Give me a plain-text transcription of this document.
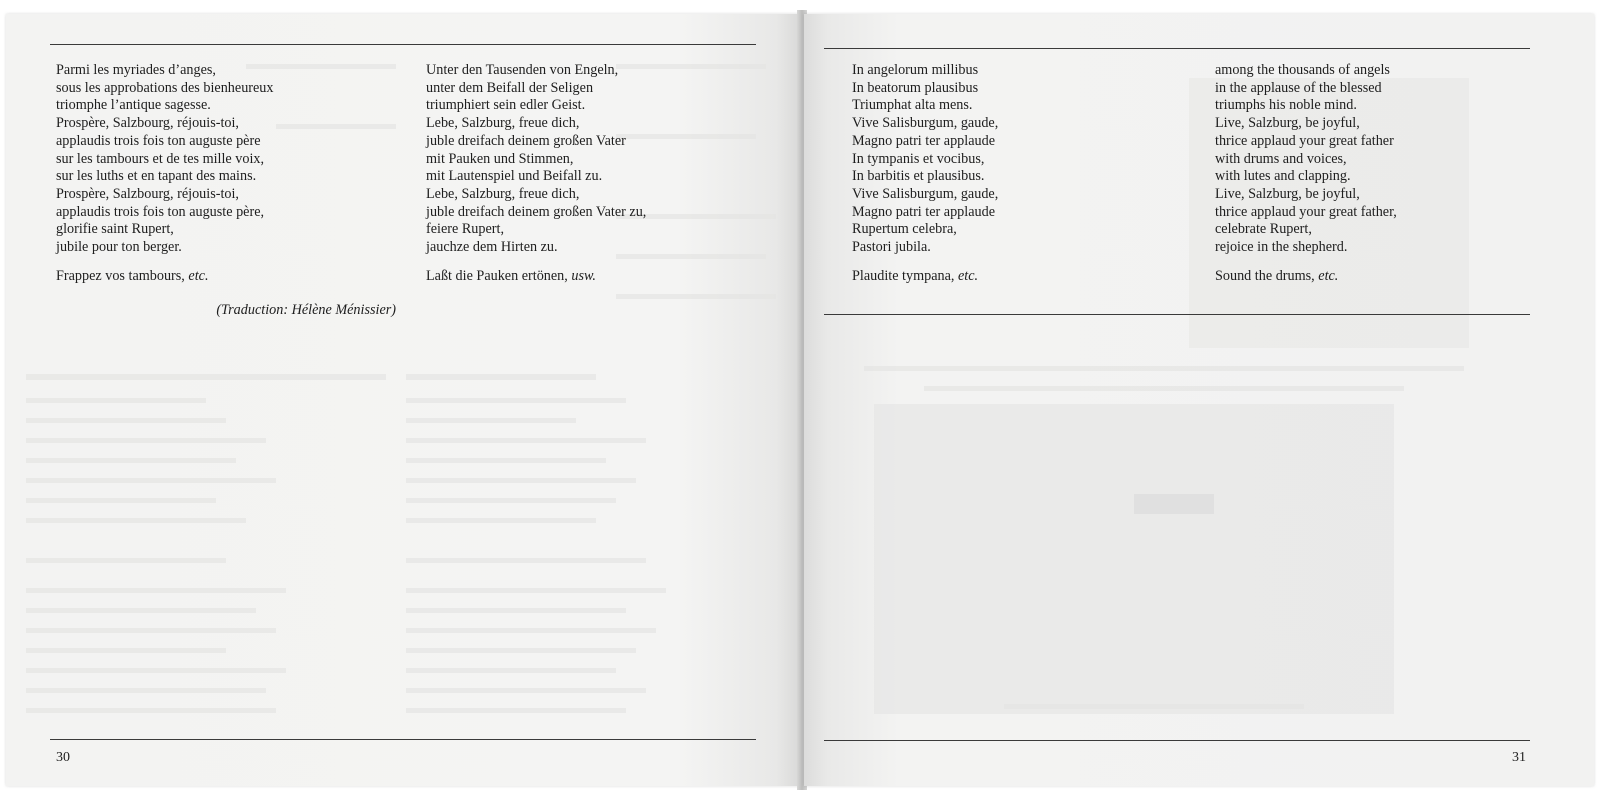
Parmi les myriades d’anges,
sous les approbations des bienheureux
triomphe l’antique sagesse.
Prospère, Salzbourg, réjouis-toi,
applaudis trois fois ton auguste père
sur les tambours et de tes mille voix,
sur les luths et en tapant des mains.
Prospère, Salzbourg, réjouis-toi,
applaudis trois fois ton auguste père,
glorifie saint Rupert,
jubile pour ton berger.
Frappez vos tambours, etc.
(Traduction: Hélène Ménissier)
Unter den Tausenden von Engeln,
unter dem Beifall der Seligen
triumphiert sein edler Geist.
Lebe, Salzburg, freue dich,
juble dreifach deinem großen Vater
mit Pauken und Stimmen,
mit Lautenspiel und Beifall zu.
Lebe, Salzburg, freue dich,
juble dreifach deinem großen Vater zu,
feiere Rupert,
jauchze dem Hirten zu.
Laßt die Pauken ertönen, usw.
30
In angelorum millibus
In beatorum plausibus
Triumphat alta mens.
Vive Salisburgum, gaude,
Magno patri ter applaude
In tympanis et vocibus,
In barbitis et plausibus.
Vive Salisburgum, gaude,
Magno patri ter applaude
Rupertum celebra,
Pastori jubila.
Plaudite tympana, etc.
among the thousands of angels
in the applause of the blessed
triumphs his noble mind.
Live, Salzburg, be joyful,
thrice applaud your great father
with drums and voices,
with lutes and clapping.
Live, Salzburg, be joyful,
thrice applaud your great father,
celebrate Rupert,
rejoice in the shepherd.
Sound the drums, etc.
31
